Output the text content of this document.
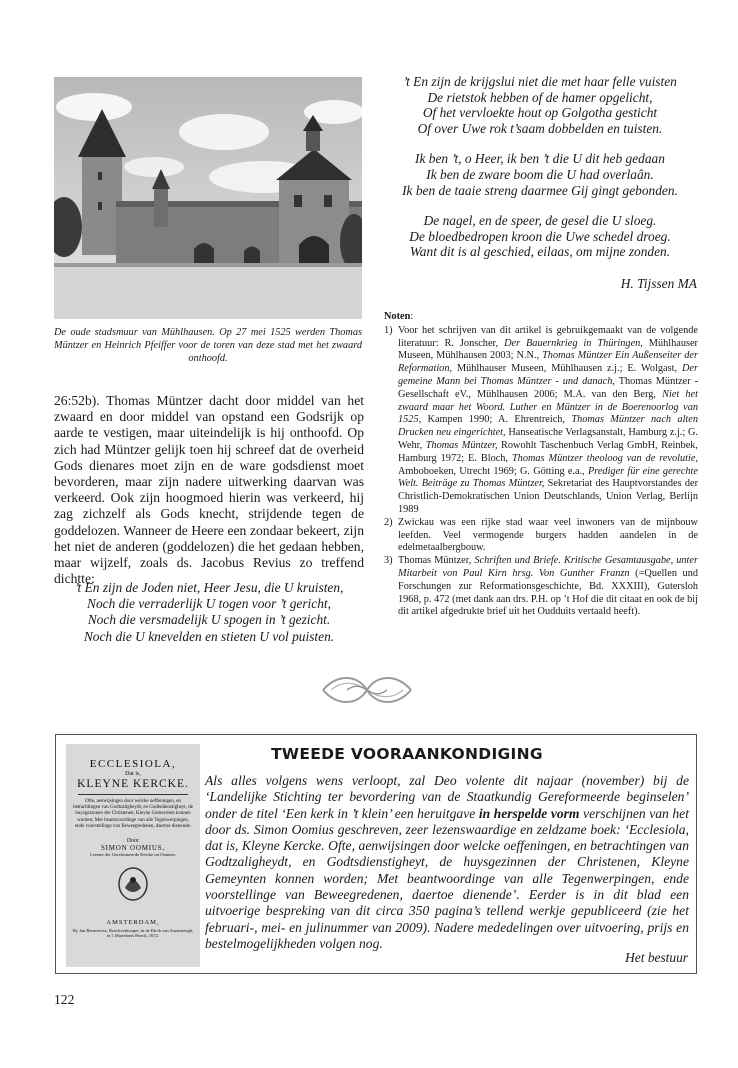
De oude stadsmuur van Mühlhausen. Op 27 mei 1525 werden Thomas Müntzer en Heinrich Pfeiffer voor de toren van deze stad met het zwaard onthoofd.
26:52b). Thomas Müntzer dacht door middel van het zwaard en door middel van opstand een Godsrijk op aarde te vestigen, maar uiteindelijk is hij onthoofd. Op zich had Müntzer gelijk toen hij schreef dat de overheid Gods dienares moet zijn en de ware godsdienst moet bevorderen, maar zijn nadere uitwerking daarvan was verkeerd. Ook zijn hoogmoed hierin was verkeerd, hij zag zichzelf als Gods knecht, strijdende tegen de goddelozen. Wanneer de Heere een zondaar bekeert, zijn het niet de anderen (goddelozen) die het gedaan hebben, maar wijzelf, zoals ds. Jacobus Revius zo treffend dichtte:
’t En zijn de Joden niet, Heer Jesu, die U kruisten,
Noch die verraderlijk U togen voor ’t gericht,
Noch die versmadelijk U spogen in ’t gezicht.
Noch die U knevelden en stieten U vol puisten.
’t En zijn de krijgslui niet die met haar felle vuisten
De rietstok hebben of de hamer opgelicht,
Of het vervloekte hout op Golgotha gesticht
Of over Uwe rok t’saam dobbelden en tuisten.
Ik ben ’t, o Heer, ik ben ’t die U dit heb gedaan
Ik ben de zware boom die U had overlaân.
Ik ben de taaie streng daarmee Gij gingt gebonden.
De nagel, en de speer, de gesel die U sloeg.
De bloedbedropen kroon die Uwe schedel droeg.
Want dit is al geschied, eilaas, om mijne zonden.
H. Tijssen MA
Noten:
1) Voor het schrijven van dit artikel is gebruikgemaakt van de volgende literatuur: R. Jonscher, Der Bauernkrieg in Thüringen, Mühlhauser Museen, Mühlhausen 2003; N.N., Thomas Müntzer Ein Außenseiter der Reformation, Mühlhauser Museen, Mühlhausen z.j.; E. Wolgast, Der gemeine Mann bei Thomas Müntzer - und danach, Thomas Müntzer - Gesellschaft eV., Mühlhausen 2006; M.A. van den Berg, Niet het zwaard maar het Woord. Luther en Müntzer in de Boerenoorlog van 1525, Kampen 1990; A. Ehrentreich, Thomas Müntzer nach alten Drucken neu eingerichtet, Hanseatische Verlagsanstalt, Hamburg z.j.; G. Wehr, Thomas Müntzer, Rowohlt Taschenbuch Verlag GmbH, Reinbek, Hamburg 1972; E. Bloch, Thomas Müntzer theoloog van de revolutie, Amboboeken, Utrecht 1969; G. Götting e.a., Prediger für eine gerechte Welt. Beiträge zu Thomas Müntzer, Sekretariat des Hauptvorstandes der Christlich-Demokratischen Union Deutschlands, Union Verlag, Berlijn 1989
2) Zwickau was een rijke stad waar veel inwoners van de mijnbouw leefden. Veel vermogende burgers hadden aandelen in de edelmetaalbergbouw.
3) Thomas Müntzer, Schriften und Briefe. Kritische Gesamtausgabe, unter Mitarbeit von Paul Kirn hrsg. Von Gunther Franzn (=Quellen und Forschungen zur Reformationsgeschichte, Bd. XXXIII), Gutersloh 1968, p. 472 (met dank aan drs. P.H. op ’t Hof die dit citaat en ook de bij dit artikel afgedrukte brief uit het Oudduits vertaald heeft).
ECCLESIOLA,
Dat is,
KLEYNE KERCKE.
Ofte, aenwijsingen door welcke oeffeningen, en betrachtingen van Godtzaligheydt, en Godtsdienstigheyt, de huysgezinnen der Christenen, Kleyne Gemeynten konnen worden; Met beantwoordinge van alle Tegenwerpingen, ende voorstellinge van Beweegredenen, daertoe dienende.
Door
SIMON OOMIUS,
Leeraer der Gereformeerde Kercke tot Ommen.
AMSTERDAM,
By Jan Rieuwertsz, Boeckverkooper, in de Dirck van Assensteegh, in 't Martelaers Boeck, 1672.
TWEEDE VOORAANKONDIGING
Als alles volgens wens verloopt, zal Deo volente dit najaar (november) bij de ‘Landelijke Stichting ter bevordering van de Staatkundig Gereformeerde beginselen’ onder de titel ‘Een kerk in ’t klein’ een heruitgave in herspelde vorm verschijnen van het door ds. Simon Oomius geschreven, zeer lezenswaardige en zeldzame boek: ‘Ecclesiola, dat is, Kleyne Kercke. Ofte, aenwijsingen door welcke oeffeningen, en betrachtingen van Godtzaligheydt, en Godtsdienstigheyt, de huysgezinnen der Christenen, Kleyne Gemeynten konnen worden; Met beantwoordinge van alle Tegenwerpingen, ende voorstellinge van Beweegredenen, daertoe dienende’. Eerder is in dit blad een uitvoerige bespreking van dit circa 350 pagina’s tellend werkje gepubliceerd (zie het februari-, mei- en julinummer van 2009). Nadere mededelingen over uitvoering, prijs en bestelmogelijkheden volgen nog.
Het bestuur
122
